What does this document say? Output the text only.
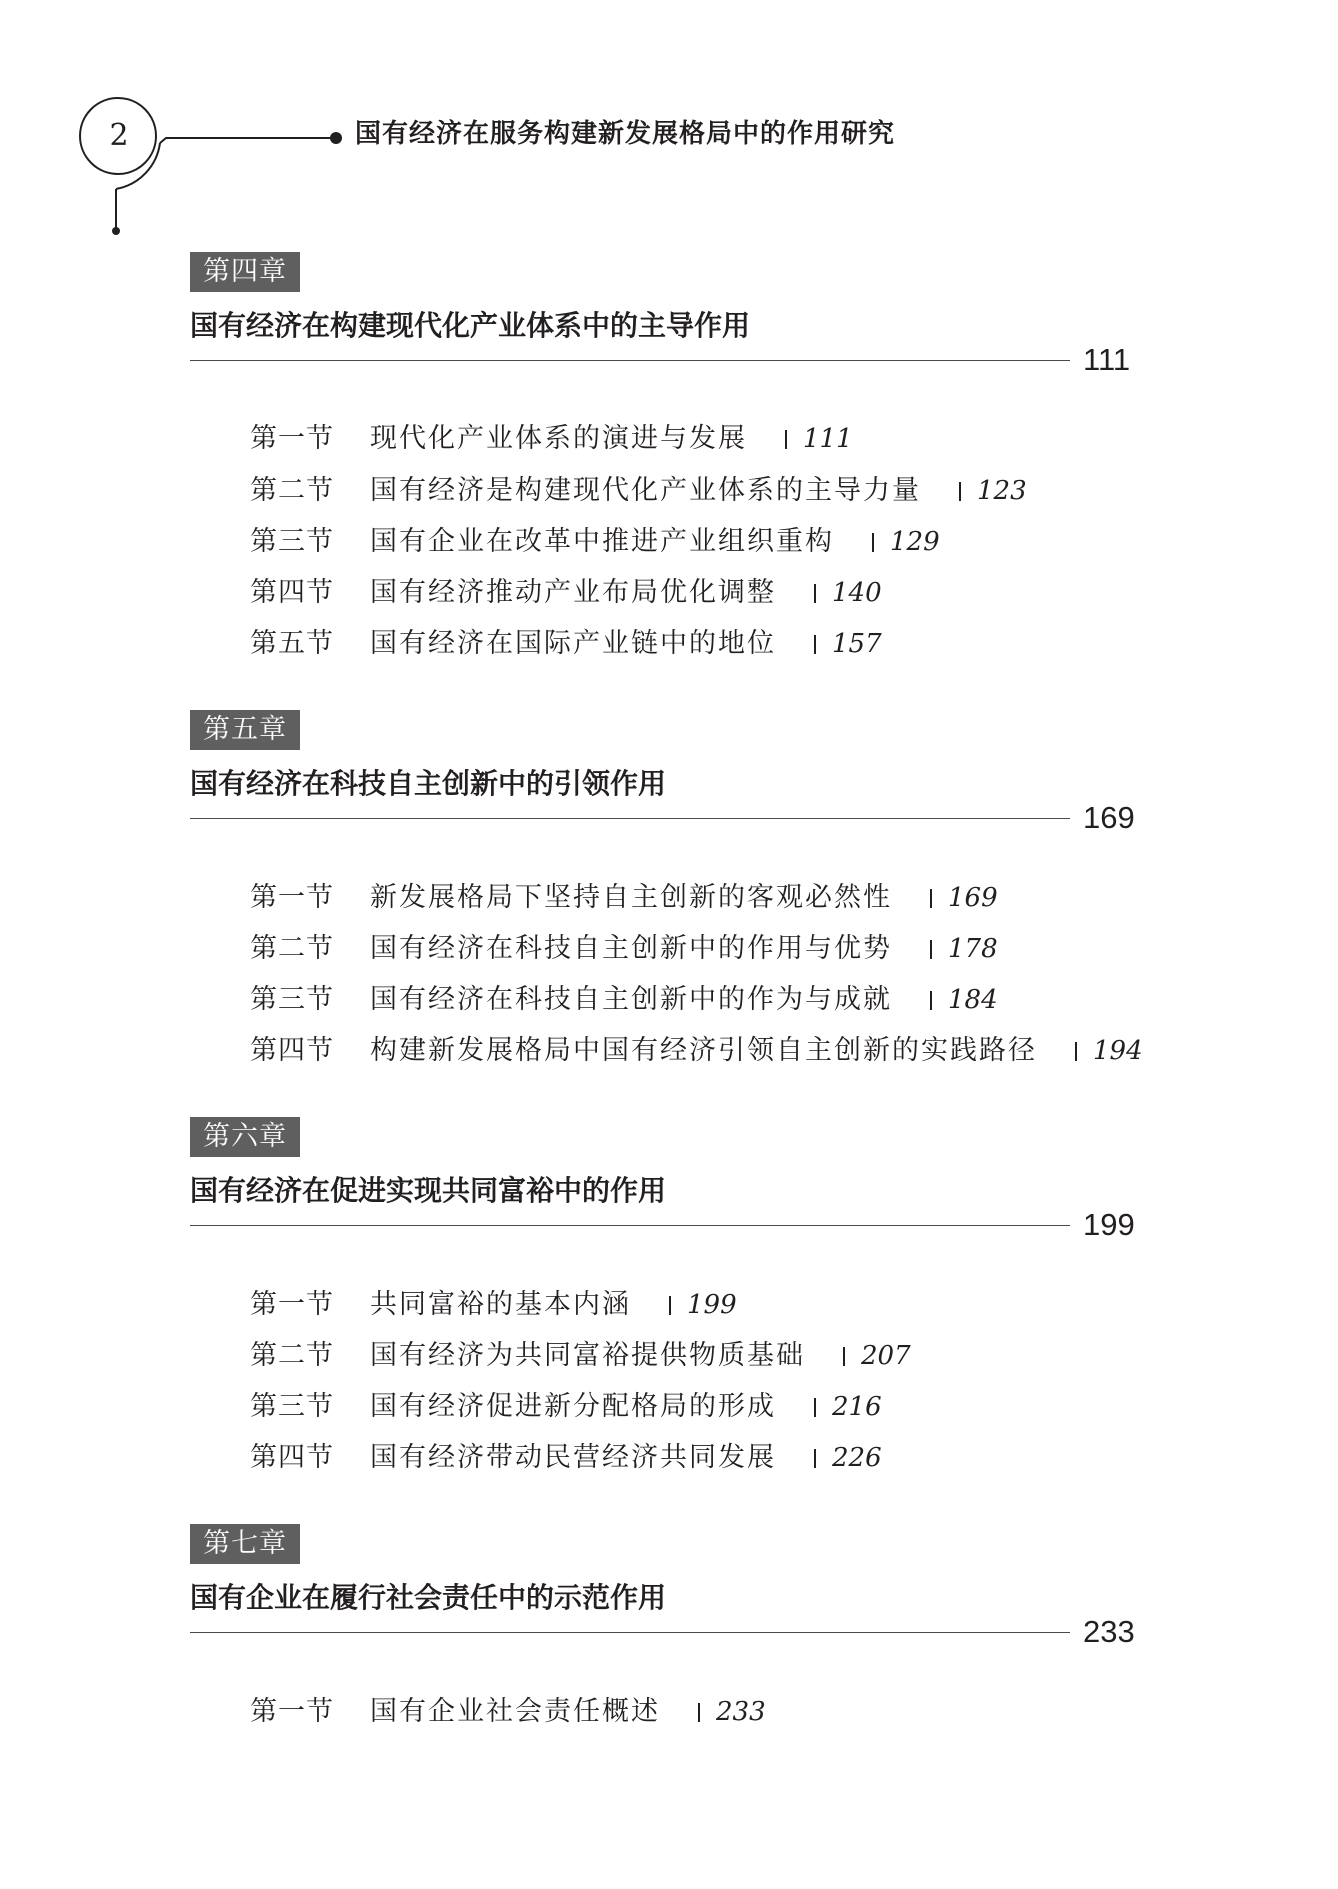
2	国有经济在服务构建新发展格局中的作用研究
第四章
国有经济在构建现代化产业体系中的主导作用
111
第一节 现代化产业体系的演进与发展 111
第二节 国有经济是构建现代化产业体系的主导力量 123
第三节 国有企业在改革中推进产业组织重构 129
第四节 国有经济推动产业布局优化调整 140
第五节 国有经济在国际产业链中的地位 157
第五章
国有经济在科技自主创新中的引领作用
169
第一节 新发展格局下坚持自主创新的客观必然性 169
第二节 国有经济在科技自主创新中的作用与优势 178
第三节 国有经济在科技自主创新中的作为与成就 184
第四节 构建新发展格局中国有经济引领自主创新的实践路径 194
第六章
国有经济在促进实现共同富裕中的作用
199
第一节 共同富裕的基本内涵 199
第二节 国有经济为共同富裕提供物质基础 207
第三节 国有经济促进新分配格局的形成 216
第四节 国有经济带动民营经济共同发展 226
第七章
国有企业在履行社会责任中的示范作用
233
第一节 国有企业社会责任概述 233
